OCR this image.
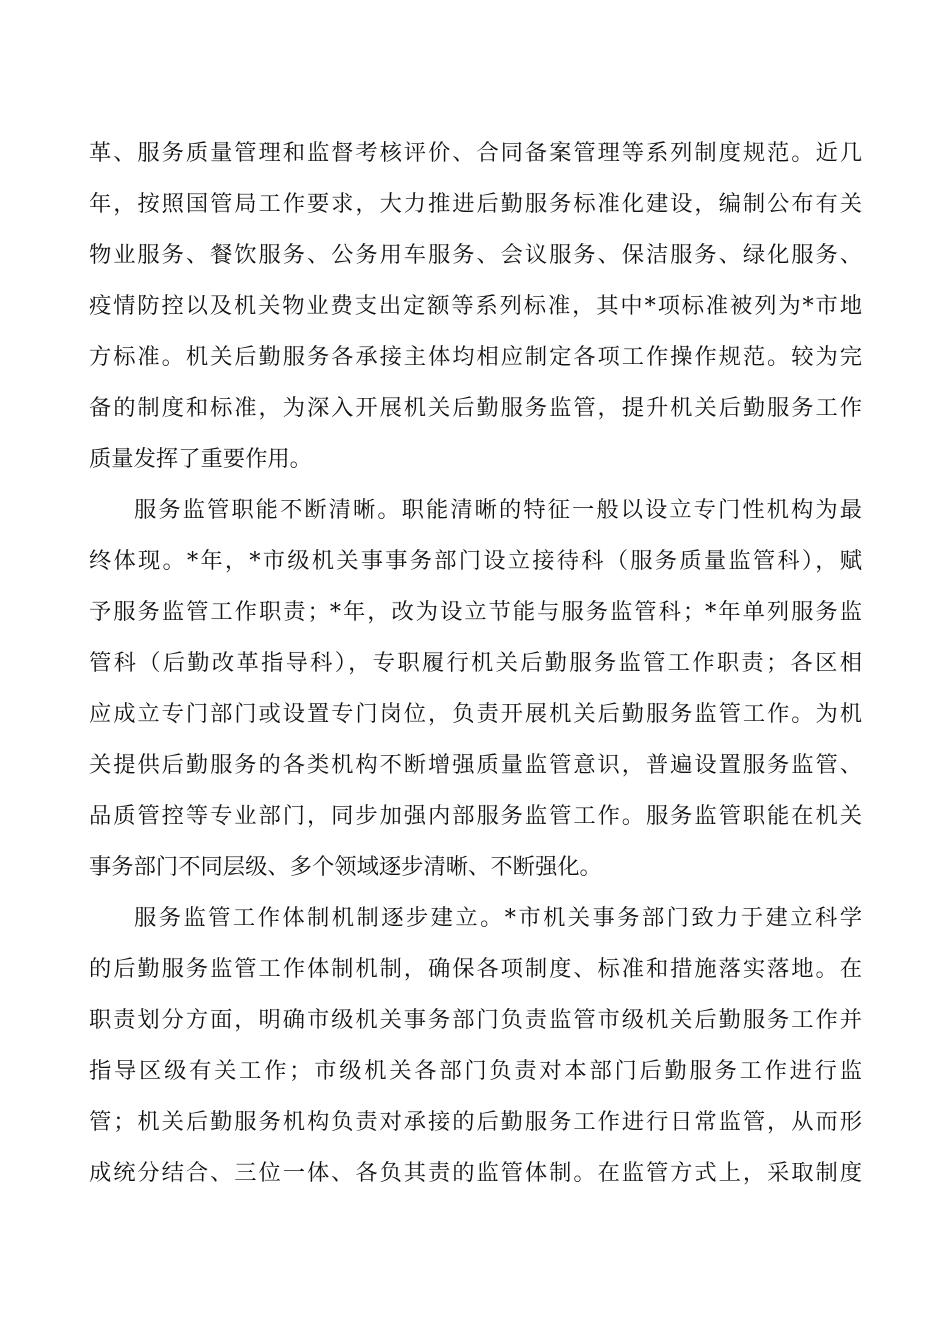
革、服务质量管理和监督考核评价、合同备案管理等系列制度规范。近几
年，按照国管局工作要求，大力推进后勤服务标准化建设，编制公布有关
物业服务、餐饮服务、公务用车服务、会议服务、保洁服务、绿化服务、
疫情防控以及机关物业费支出定额等系列标准，其中*项标准被列为*市地
方标准。机关后勤服务各承接主体均相应制定各项工作操作规范。较为完
备的制度和标准，为深入开展机关后勤服务监管，提升机关后勤服务工作
质量发挥了重要作用。
服务监管职能不断清晰。职能清晰的特征一般以设立专门性机构为最
终体现。*年，*市级机关事事务部门设立接待科（服务质量监管科），赋
予服务监管工作职责；*年，改为设立节能与服务监管科；*年单列服务监
管科（后勤改革指导科），专职履行机关后勤服务监管工作职责；各区相
应成立专门部门或设置专门岗位，负责开展机关后勤服务监管工作。为机
关提供后勤服务的各类机构不断增强质量监管意识，普遍设置服务监管、
品质管控等专业部门，同步加强内部服务监管工作。服务监管职能在机关
事务部门不同层级、多个领域逐步清晰、不断强化。
服务监管工作体制机制逐步建立。*市机关事务部门致力于建立科学
的后勤服务监管工作体制机制，确保各项制度、标准和措施落实落地。在
职责划分方面，明确市级机关事务部门负责监管市级机关后勤服务工作并
指导区级有关工作；市级机关各部门负责对本部门后勤服务工作进行监
管；机关后勤服务机构负责对承接的后勤服务工作进行日常监管，从而形
成统分结合、三位一体、各负其责的监管体制。在监管方式上，采取制度
